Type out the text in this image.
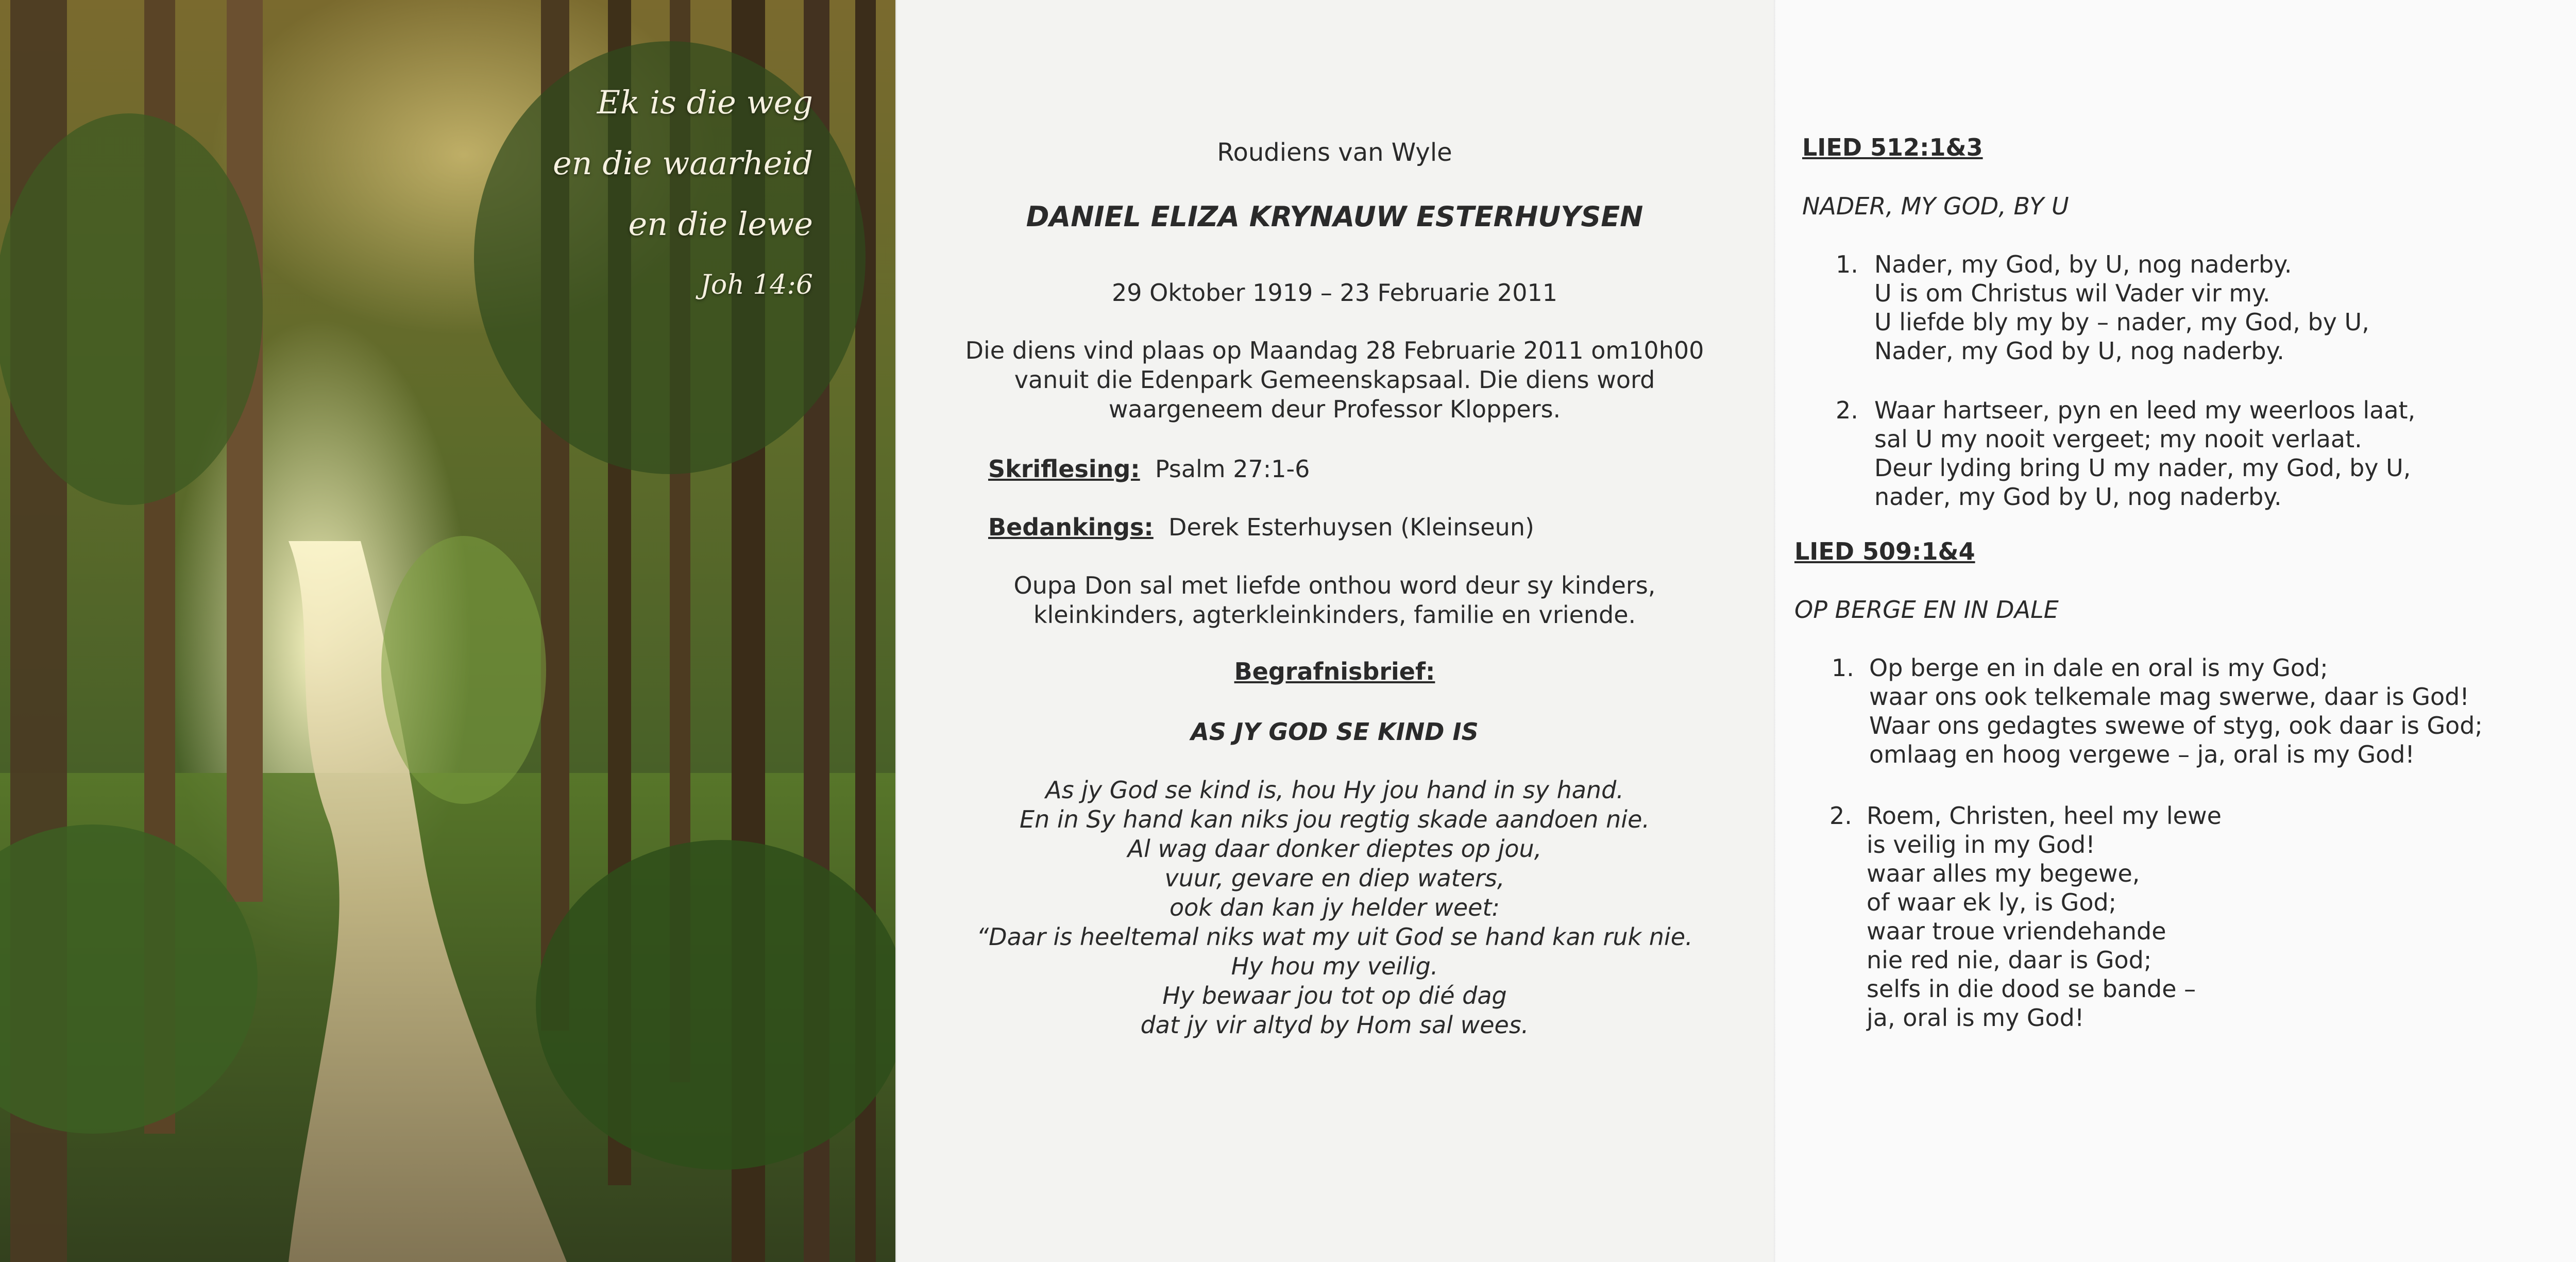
Ek is die weg
en die waarheid
en die lewe
Joh 14:6

Roudiens van Wyle

DANIEL ELIZA KRYNAUW ESTERHUYSEN

29 Oktober 1919 – 23 Februarie 2011

Die diens vind plaas op Maandag 28 Februarie 2011 om10h00
vanuit die Edenpark Gemeenskapsaal. Die diens word
waargeneem deur Professor Kloppers.

Skriflesing: Psalm 27:1-6

Bedankings: Derek Esterhuysen (Kleinseun)

Oupa Don sal met liefde onthou word deur sy kinders,
kleinkinders, agterkleinkinders, familie en vriende.

Begrafnisbrief:

AS JY GOD SE KIND IS

As jy God se kind is, hou Hy jou hand in sy hand.
En in Sy hand kan niks jou regtig skade aandoen nie.
Al wag daar donker dieptes op jou,
vuur, gevare en diep waters,
ook dan kan jy helder weet:
“Daar is heeltemal niks wat my uit God se hand kan ruk nie.
Hy hou my veilig.
Hy bewaar jou tot op dié dag
dat jy vir altyd by Hom sal wees.

LIED 512:1&3

NADER, MY GOD, BY U

1. Nader, my God, by U, nog naderby.
U is om Christus wil Vader vir my.
U liefde bly my by – nader, my God, by U,
Nader, my God by U, nog naderby.
2. Waar hartseer, pyn en leed my weerloos laat,
sal U my nooit vergeet; my nooit verlaat.
Deur lyding bring U my nader, my God, by U,
nader, my God by U, nog naderby.

LIED 509:1&4

OP BERGE EN IN DALE

1. Op berge en in dale en oral is my God;
waar ons ook telkemale mag swerwe, daar is God!
Waar ons gedagtes swewe of styg, ook daar is God;
omlaag en hoog vergewe – ja, oral is my God!
2. Roem, Christen, heel my lewe
is veilig in my God!
waar alles my begewe,
of waar ek ly, is God;
waar troue vriendehande
nie red nie, daar is God;
selfs in die dood se bande –
ja, oral is my God!
